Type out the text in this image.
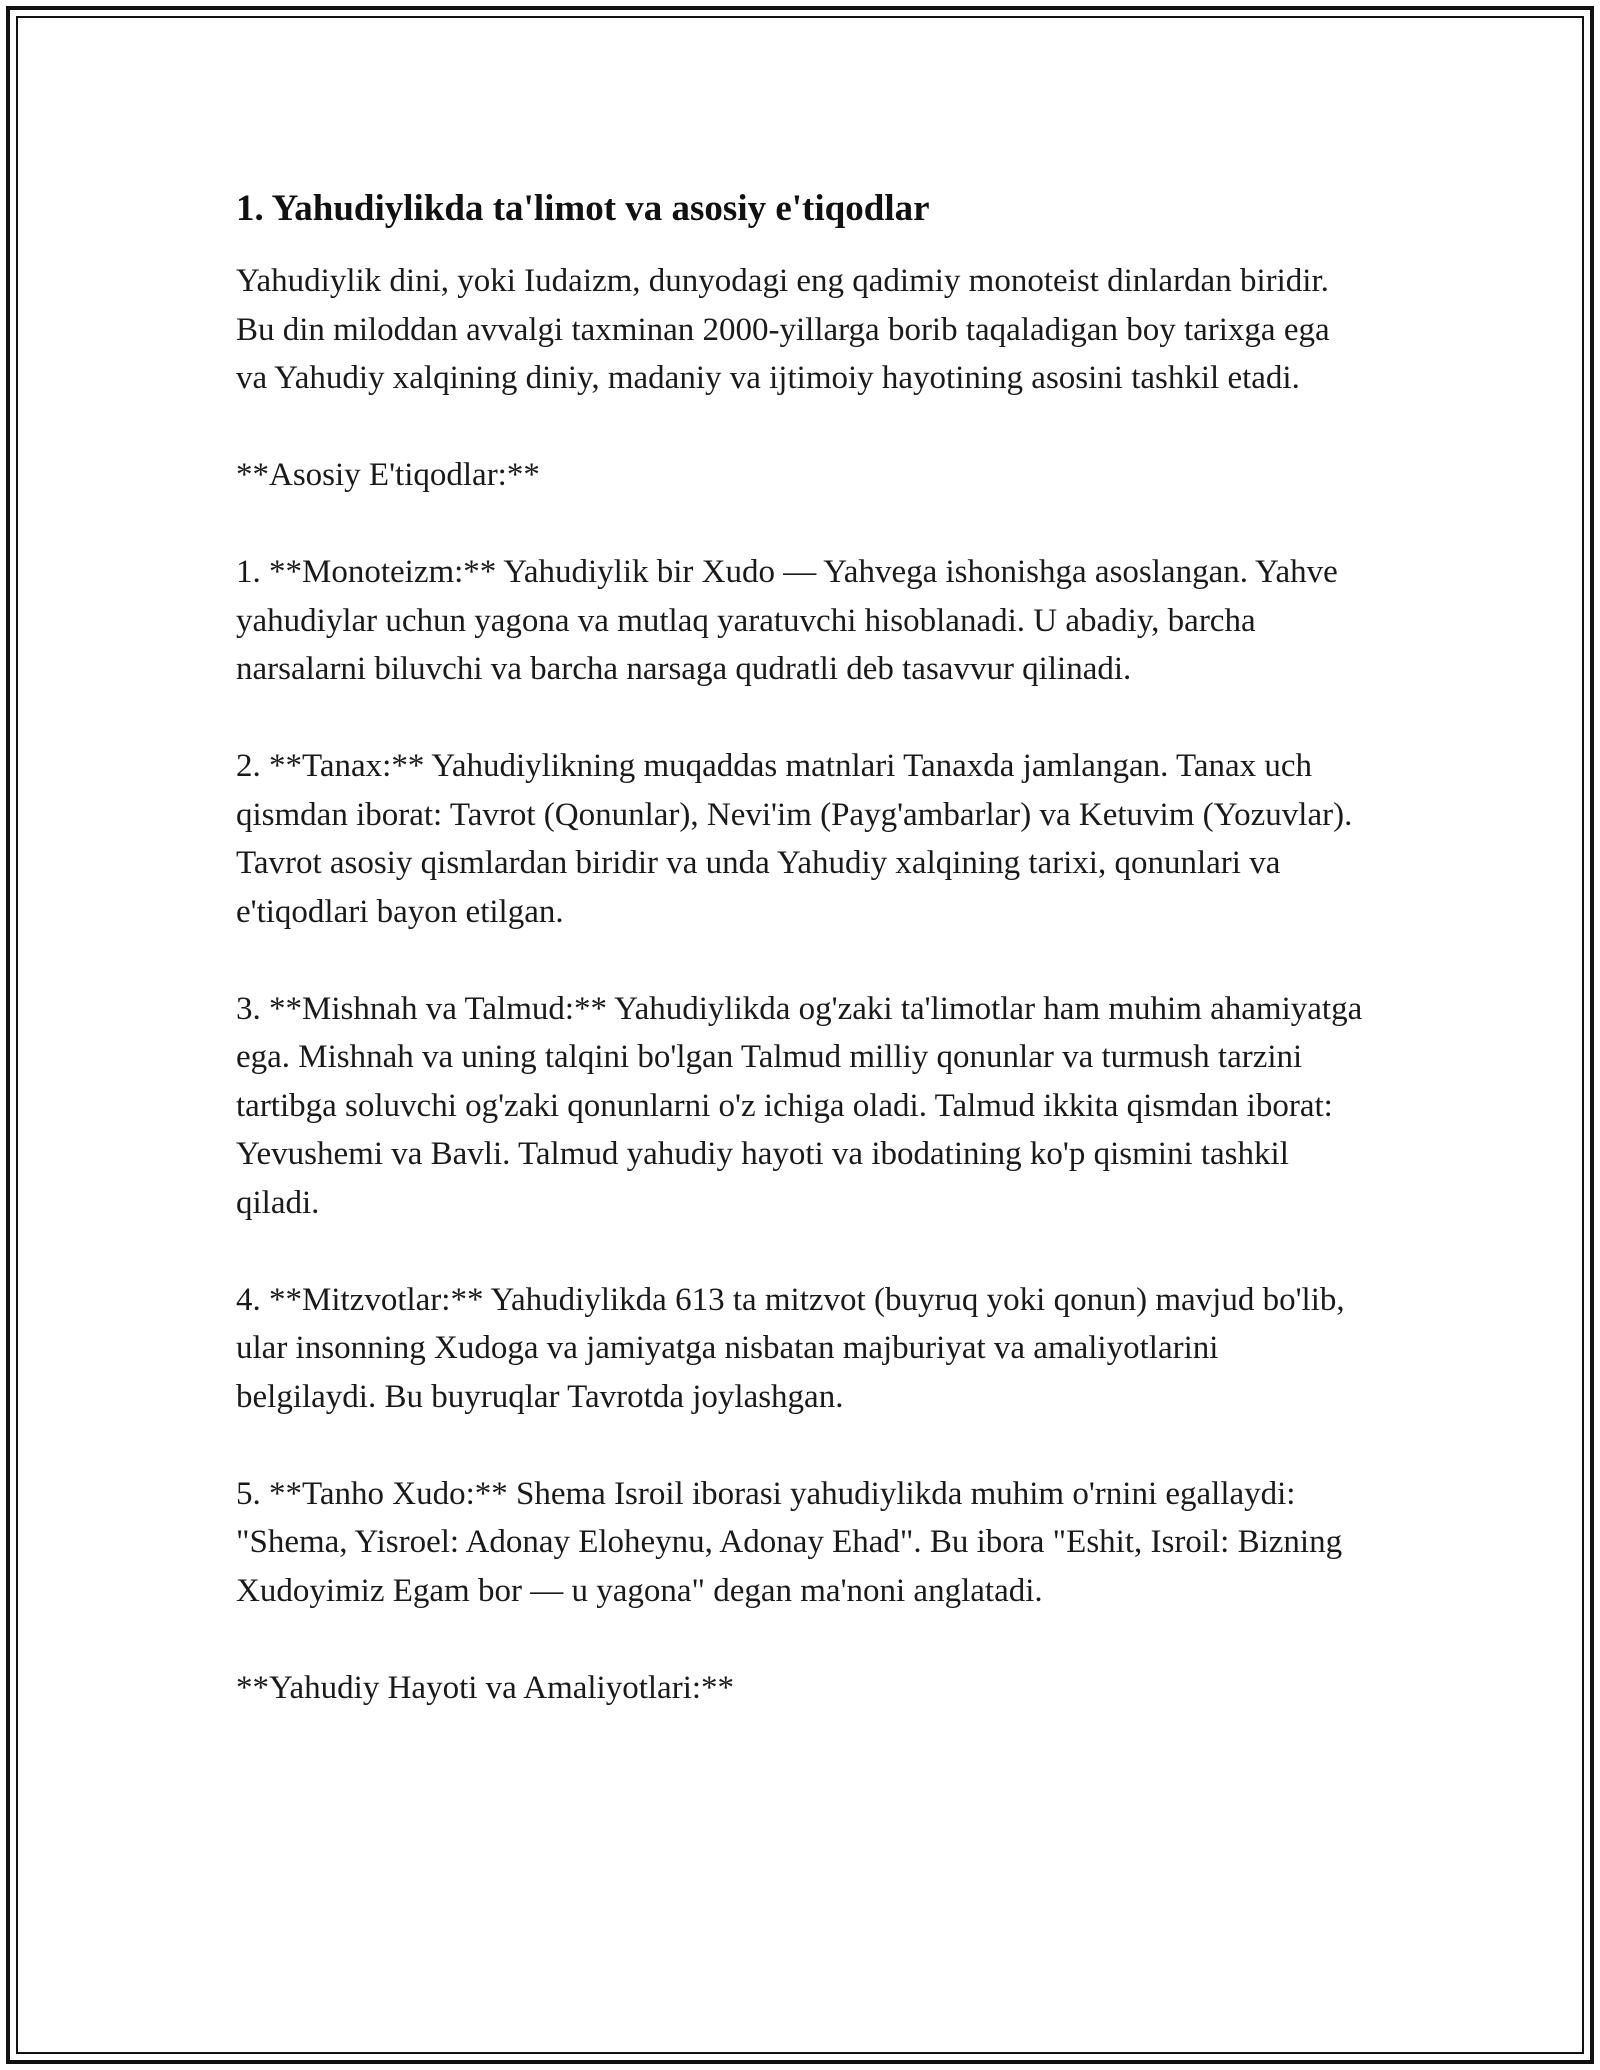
1. Yahudiylikda ta'limot va asosiy e'tiqodlar

Yahudiylik dini, yoki Iudaizm, dunyodagi eng qadimiy monoteist dinlardan biridir. Bu din miloddan avvalgi taxminan 2000-yillarga borib taqaladigan boy tarixga ega va Yahudiy xalqining diniy, madaniy va ijtimoiy hayotining asosini tashkil etadi.

**Asosiy E'tiqodlar:**

1. **Monoteizm:** Yahudiylik bir Xudo — Yahvega ishonishga asoslangan. Yahve yahudiylar uchun yagona va mutlaq yaratuvchi hisoblanadi. U abadiy, barcha narsalarni biluvchi va barcha narsaga qudratli deb tasavvur qilinadi.

2. **Tanax:** Yahudiylikning muqaddas matnlari Tanaxda jamlangan. Tanax uch qismdan iborat: Tavrot (Qonunlar), Nevi'im (Payg'ambarlar) va Ketuvim (Yozuvlar). Tavrot asosiy qismlardan biridir va unda Yahudiy xalqining tarixi, qonunlari va e'tiqodlari bayon etilgan.

3. **Mishnah va Talmud:** Yahudiylikda og'zaki ta'limotlar ham muhim ahamiyatga ega. Mishnah va uning talqini bo'lgan Talmud milliy qonunlar va turmush tarzini tartibga soluvchi og'zaki qonunlarni o'z ichiga oladi. Talmud ikkita qismdan iborat: Yevushemi va Bavli. Talmud yahudiy hayoti va ibodatining ko'p qismini tashkil qiladi.

4. **Mitzvotlar:** Yahudiylikda 613 ta mitzvot (buyruq yoki qonun) mavjud bo'lib, ular insonning Xudoga va jamiyatga nisbatan majburiyat va amaliyotlarini belgilaydi. Bu buyruqlar Tavrotda joylashgan.

5. **Tanho Xudo:** Shema Isroil iborasi yahudiylikda muhim o'rnini egallaydi: "Shema, Yisroel: Adonay Eloheynu, Adonay Ehad". Bu ibora "Eshit, Isroil: Bizning Xudoyimiz Egam bor — u yagona" degan ma'noni anglatadi.

**Yahudiy Hayoti va Amaliyotlari:**
